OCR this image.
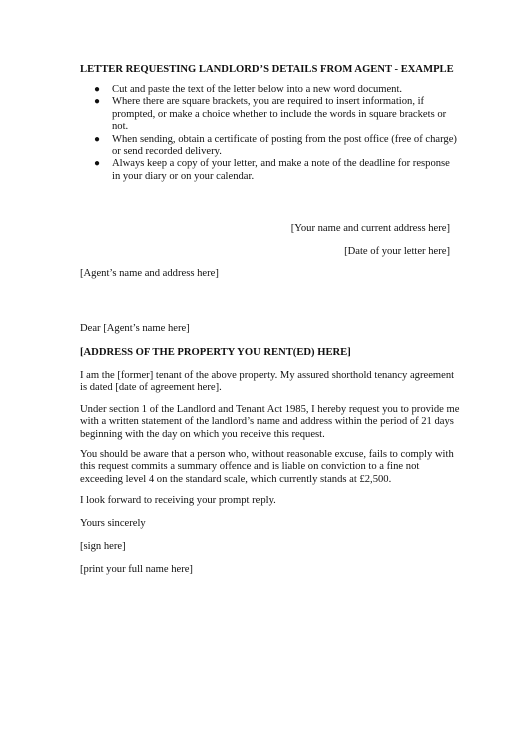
LETTER REQUESTING LANDLORD’S DETAILS FROM AGENT - EXAMPLE
● Cut and paste the text of the letter below into a new word document.
● Where there are square brackets, you are required to insert information, if prompted, or make a choice whether to include the words in square brackets or not.
● When sending, obtain a certificate of posting from the post office (free of charge) or send recorded delivery.
● Always keep a copy of your letter, and make a note of the deadline for response in your diary or on your calendar.
[Your name and current address here]
[Date of your letter here]
[Agent’s name and address here]
Dear [Agent’s name here]
[ADDRESS OF THE PROPERTY YOU RENT(ED) HERE]
I am the [former] tenant of the above property. My assured shorthold tenancy agreement is dated [date of agreement here].
Under section 1 of the Landlord and Tenant Act 1985, I hereby request you to provide me with a written statement of the landlord’s name and address within the period of 21 days beginning with the day on which you receive this request.
You should be aware that a person who, without reasonable excuse, fails to comply with this request commits a summary offence and is liable on conviction to a fine not exceeding level 4 on the standard scale, which currently stands at £2,500.
I look forward to receiving your prompt reply.
Yours sincerely
[sign here]
[print your full name here]
